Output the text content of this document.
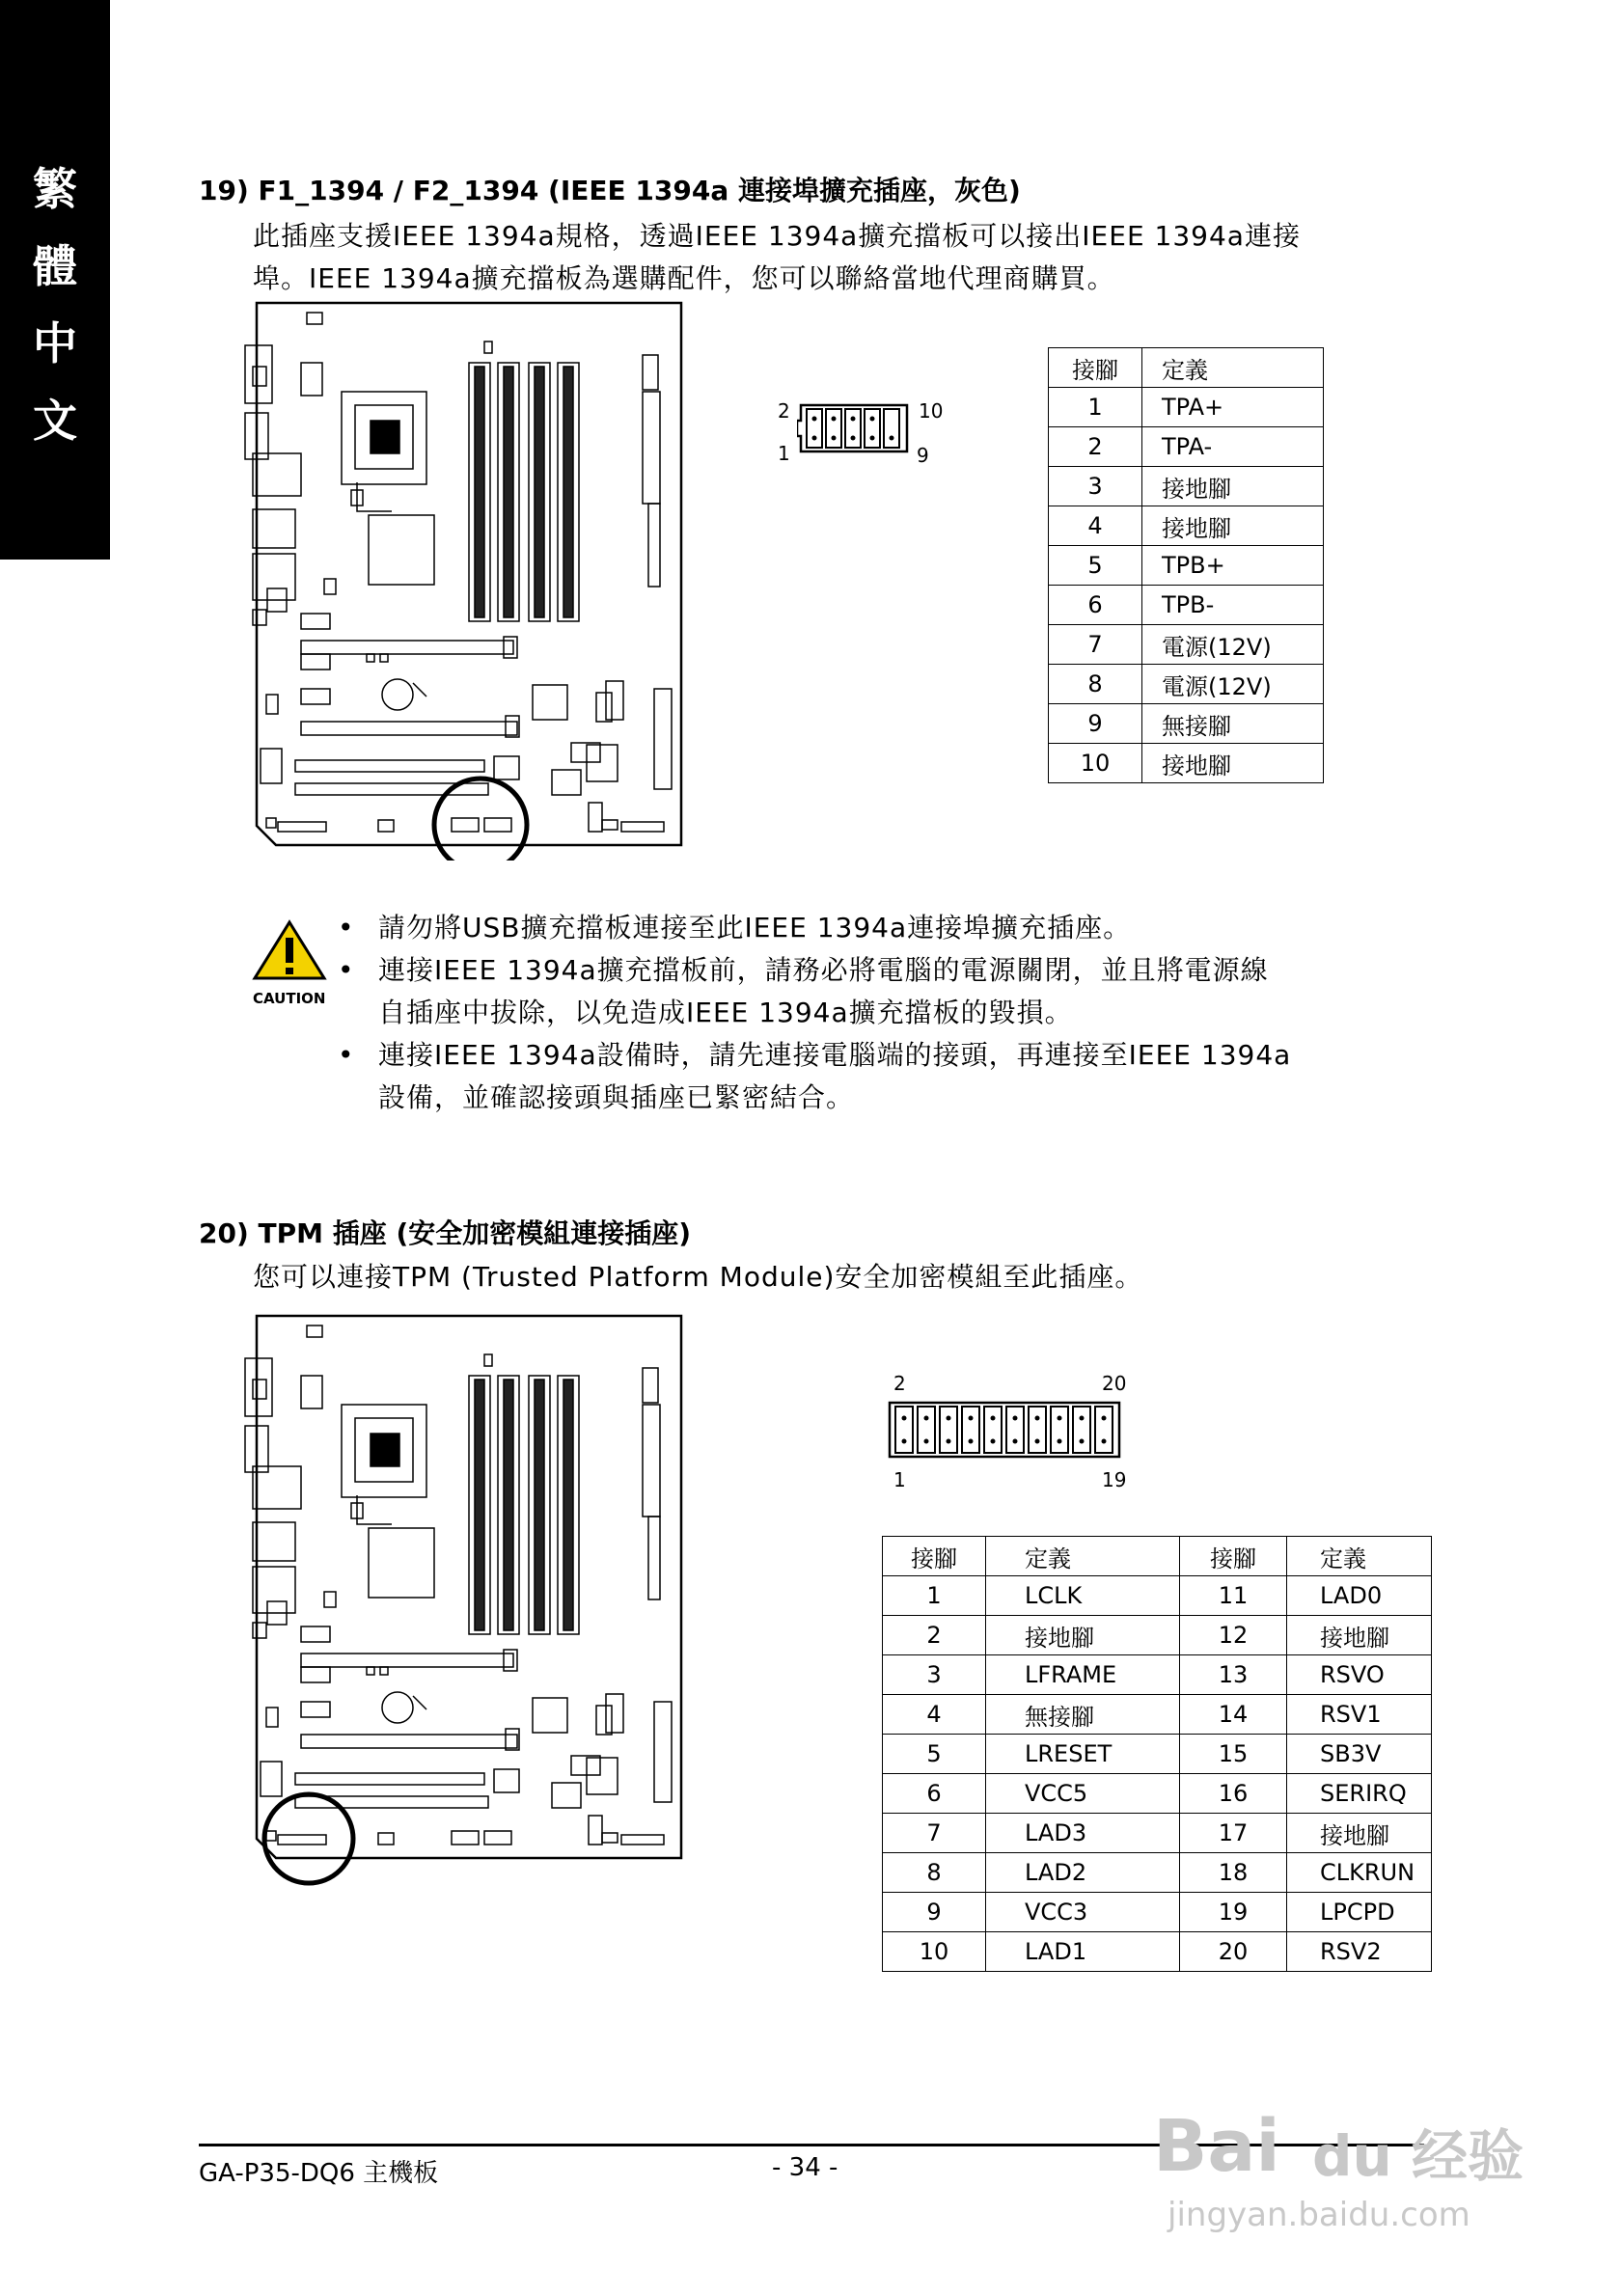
繁
體
中
文
19) F1_1394 / F2_1394 (IEEE 1394a 連接埠擴充插座，灰色)
此插座支援IEEE 1394a規格，透過IEEE 1394a擴充擋板可以接出IEEE 1394a連接
埠。IEEE 1394a擴充擋板為選購配件，您可以聯絡當地代理商購買。
2	10
1	9
接腳	定義
1	TPA+
2	TPA-
3	接地腳
4	接地腳
5	TPB+
6	TPB-
7	電源(12V)
8	電源(12V)
9	無接腳
10	接地腳
CAUTION
• 請勿將USB擴充擋板連接至此IEEE 1394a連接埠擴充插座。
• 連接IEEE 1394a擴充擋板前，請務必將電腦的電源關閉，並且將電源線
自插座中拔除，以免造成IEEE 1394a擴充擋板的毀損。
• 連接IEEE 1394a設備時，請先連接電腦端的接頭，再連接至IEEE 1394a
設備，並確認接頭與插座已緊密結合。
20) TPM 插座 (安全加密模組連接插座)
您可以連接TPM (Trusted Platform Module)安全加密模組至此插座。
2	20
1	19
接腳	定義	接腳	定義
1	LCLK	11	LAD0
2	接地腳	12	接地腳
3	LFRAME	13	RSVO
4	無接腳	14	RSV1
5	LRESET	15	SB3V
6	VCC5	16	SERIRQ
7	LAD3	17	接地腳
8	LAD2	18	CLKRUN
9	VCC3	19	LPCPD
10	LAD1	20	RSV2
GA-P35-DQ6 主機板	- 34 -	Bai du 经验
jingyan.baidu.com
